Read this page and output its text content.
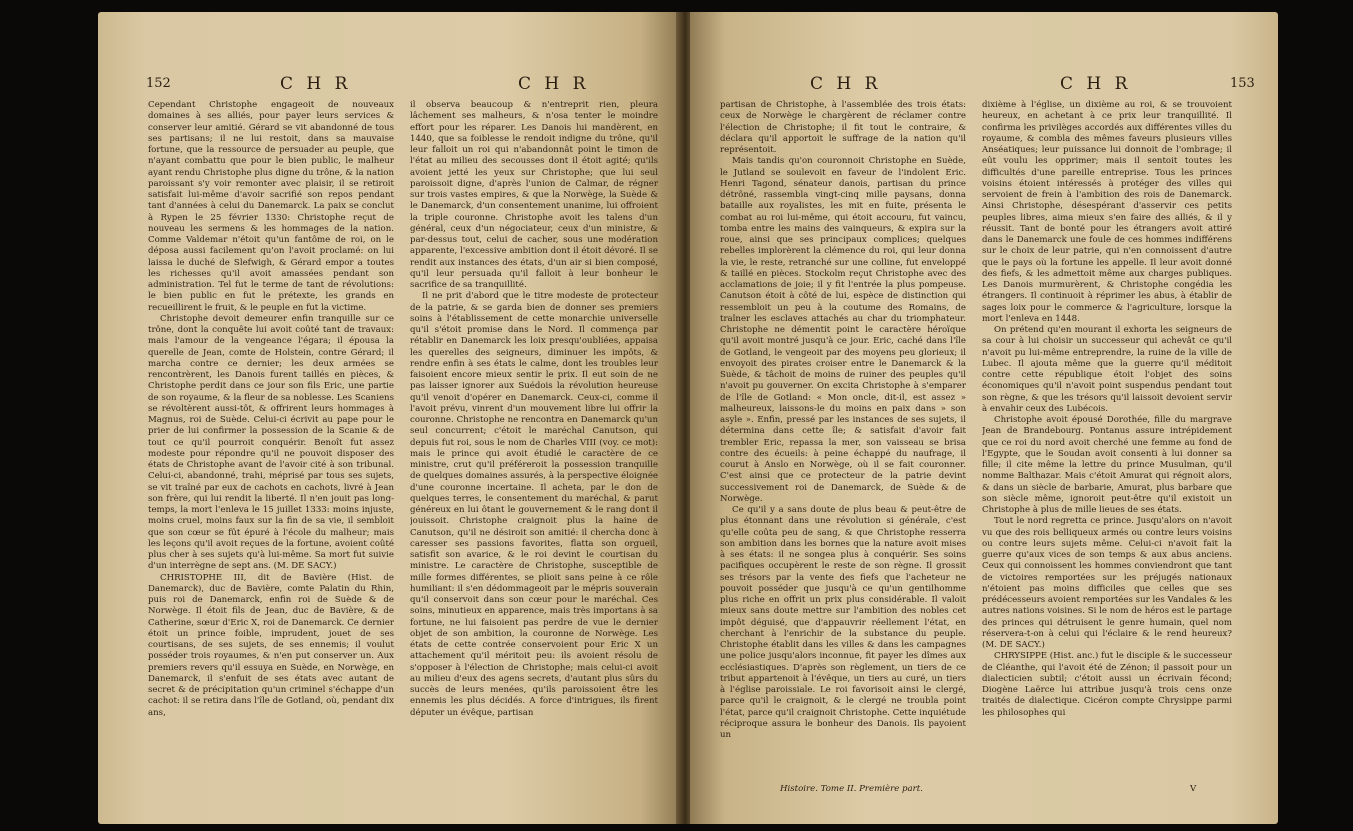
152	C H R	C H R

Cependant Christophe engageoit de nouveaux domaines à ses alliés, pour payer leurs services & conserver leur amitié. Gérard se vit abandonné de tous ses partisans; il ne lui restoit, dans sa mauvaise fortune, que la ressource de persuader au peuple, que n'ayant combattu que pour le bien public, le malheur ayant rendu Christophe plus digne du trône, & la nation paroissant s'y voir remonter avec plaisir, il se retiroit satisfait lui-même d'avoir sacrifié son repos pendant tant d'années à celui du Danemarck. La paix se conclut à Rypen le 25 février 1330: Christophe reçut de nouveau les sermens & les hommages de la nation. Comme Valdemar n'étoit qu'un fantôme de roi, on le déposa aussi facilement qu'on l'avoit proclamé: on lui laissa le duché de Slefwigh, & Gérard empor a toutes les richesses qu'il avoit amassées pendant son administration. Tel fut le terme de tant de révolutions: le bien public en fut le prétexte, les grands en recueillirent le fruit, & le peuple en fut la victime.

Christophe devoit demeurer enfin tranquille sur ce trône, dont la conquête lui avoit coûté tant de travaux: mais l'amour de la vengeance l'égara; il épousa la querelle de Jean, comte de Holstein, contre Gérard; il marcha contre ce dernier; les deux armées se rencontrèrent, les Danois furent taillés en pièces, & Christophe perdit dans ce jour son fils Eric, une partie de son royaume, & la fleur de sa noblesse. Les Scaniens se révoltèrent aussi-tôt, & offrirent leurs hommages à Magnus, roi de Suède. Celui-ci écrivit au pape pour le prier de lui confirmer la possession de la Scanie & de tout ce qu'il pourroit conquérir. Benoît fut assez modeste pour répondre qu'il ne pouvoit disposer des états de Christophe avant de l'avoir cité à son tribunal. Celui-ci, abandonné, trahi, méprisé par tous ses sujets, se vit traîné par eux de cachots en cachots, livré à Jean son frère, qui lui rendit la liberté. Il n'en jouit pas long-temps, la mort l'enleva le 15 juillet 1333: moins injuste, moins cruel, moins faux sur la fin de sa vie, il sembloit que son cœur se fût épuré à l'école du malheur; mais les leçons qu'il avoit reçues de la fortune, avoient coûté plus cher à ses sujets qu'à lui-même. Sa mort fut suivie d'un interrègne de sept ans. (M. DE SACY.)

CHRISTOPHE III, dit de Bavière (Hist. de Danemarck), duc de Bavière, comte Palatin du Rhin, puis roi de Danemarck, enfin roi de Suède & de Norwège. Il étoit fils de Jean, duc de Bavière, & de Catherine, sœur d'Eric X, roi de Danemarck. Ce dernier étoit un prince foible, imprudent, jouet de ses courtisans, de ses sujets, de ses ennemis; il voulut posséder trois royaumes, & n'en put conserver un. Aux premiers revers qu'il essuya en Suède, en Norwège, en Danemarck, il s'enfuit de ses états avec autant de secret & de précipitation qu'un criminel s'échappe d'un cachot: il se retira dans l'île de Gotland, où, pendant dix ans,

il observa beaucoup & n'entreprit rien, pleura lâchement ses malheurs, & n'osa tenter le moindre effort pour les réparer. Les Danois lui mandèrent, en 1440, que sa foiblesse le rendoit indigne du trône, qu'il leur falloit un roi qui n'abandonnât point le timon de l'état au milieu des secousses dont il étoit agité; qu'ils avoient jetté les yeux sur Christophe; que lui seul paroissoit digne, d'après l'union de Calmar, de régner sur trois vastes empires, & que la Norwège, la Suède & le Danemarck, d'un consentement unanime, lui offroient la triple couronne. Christophe avoit les talens d'un général, ceux d'un négociateur, ceux d'un ministre, & par-dessus tout, celui de cacher, sous une modération apparente, l'excessive ambition dont il étoit dévoré. Il se rendit aux instances des états, d'un air si bien composé, qu'il leur persuada qu'il falloit à leur bonheur le sacrifice de sa tranquillité.

Il ne prit d'abord que le titre modeste de protecteur de la patrie, & se garda bien de donner ses premiers soins à l'établissement de cette monarchie universelle qu'il s'étoit promise dans le Nord. Il commença par rétablir en Danemarck les loix presqu'oubliées, appaisa les querelles des seigneurs, diminuer les impôts, & rendre enfin à ses états le calme, dont les troubles leur faisoient encore mieux sentir le prix. Il eut soin de ne pas laisser ignorer aux Suédois la révolution heureuse qu'il venoit d'opérer en Danemarck. Ceux-ci, comme il l'avoit prévu, vinrent d'un mouvement libre lui offrir la couronne. Christophe ne rencontra en Danemarck qu'un seul concurrent; c'étoit le maréchal Canutson, qui depuis fut roi, sous le nom de Charles VIII (voy. ce mot): mais le prince qui avoit étudié le caractère de ce ministre, crut qu'il préféreroit la possession tranquille de quelques domaines assurés, à la perspective éloignée d'une couronne incertaine. Il acheta, par le don de quelques terres, le consentement du maréchal, & parut généreux en lui ôtant le gouvernement & le rang dont il jouissoit. Christophe craignoit plus la haine de Canutson, qu'il ne désiroit son amitié: il chercha donc à caresser ses passions favorites, flatta son orgueil, satisfit son avarice, & le roi devint le courtisan du ministre. Le caractère de Christophe, susceptible de mille formes différentes, se plioit sans peine à ce rôle humiliant: il s'en dédommageoit par le mépris souverain qu'il conservoit dans son cœur pour le maréchal. Ces soins, minutieux en apparence, mais très importans à sa fortune, ne lui faisoient pas perdre de vue le dernier objet de son ambition, la couronne de Norwège. Les états de cette contrée conservoient pour Eric X un attachement qu'il méritoit peu: ils avoient résolu de s'opposer à l'élection de Christophe; mais celui-ci avoit au milieu d'eux des agens secrets, d'autant plus sûrs du succès de leurs menées, qu'ils paroissoient être les ennemis les plus décidés. A force d'intrigues, ils firent députer un évêque, partisan

C H R	C H R	153

partisan de Christophe, à l'assemblée des trois états: ceux de Norwège le chargèrent de réclamer contre l'élection de Christophe; il fit tout le contraire, & déclara qu'il apportoit le suffrage de la nation qu'il représentoit.

Mais tandis qu'on couronnoit Christophe en Suède, le Jutland se soulevoit en faveur de l'indolent Eric. Henri Tagond, sénateur danois, partisan du prince détrôné, rassembla vingt-cinq mille paysans, donna bataille aux royalistes, les mit en fuite, présenta le combat au roi lui-même, qui étoit accouru, fut vaincu, tomba entre les mains des vainqueurs, & expira sur la roue, ainsi que ses principaux complices; quelques rebelles implorèrent la clémence du roi, qui leur donna la vie, le reste, retranché sur une colline, fut enveloppé & taillé en pièces. Stockolm reçut Christophe avec des acclamations de joie; il y fit l'entrée la plus pompeuse. Canutson étoit à côté de lui, espèce de distinction qui ressembloit un peu à la coutume des Romains, de traîner les esclaves attachés au char du triomphateur. Christophe ne démentit point le caractère héroïque qu'il avoit montré jusqu'à ce jour. Eric, caché dans l'île de Gotland, le vengeoit par des moyens peu glorieux; il envoyoit des pirates croiser entre le Danemarck & la Suède, & tâchoit de moins de ruiner des peuples qu'il n'avoit pu gouverner. On excita Christophe à s'emparer de l'île de Gotland: « Mon oncle, dit-il, est assez » malheureux, laissons-le du moins en paix dans » son asyle ». Enfin, pressé par les instances de ses sujets, il détermina dans cette île; & satisfait d'avoir fait trembler Eric, repassa la mer, son vaisseau se brisa contre des écueils: à peine échappé du naufrage, il courut à Anslo en Norwège, où il se fait couronner. C'est ainsi que ce protecteur de la patrie devint successivement roi de Danemarck, de Suède & de Norwège.

Ce qu'il y a sans doute de plus beau & peut-être de plus étonnant dans une révolution si générale, c'est qu'elle coûta peu de sang, & que Christophe resserra son ambition dans les bornes que la nature avoit mises à ses états: il ne songea plus à conquérir. Ses soins pacifiques occupèrent le reste de son règne. Il grossit ses trésors par la vente des fiefs que l'acheteur ne pouvoit posséder que jusqu'à ce qu'un gentilhomme plus riche en offrit un prix plus considérable. Il valoit mieux sans doute mettre sur l'ambition des nobles cet impôt déguisé, que d'appauvrir réellement l'état, en cherchant à l'enrichir de la substance du peuple. Christophe établit dans les villes & dans les campagnes une police jusqu'alors inconnue, fit payer les dîmes aux ecclésiastiques. D'après son règlement, un tiers de ce tribut appartenoit à l'évêque, un tiers au curé, un tiers à l'église paroissiale. Le roi favorisoit ainsi le clergé, parce qu'il le craignoit, & le clergé ne troubla point l'état, parce qu'il craignoit Christophe. Cette inquiétude réciproque assura le bonheur des Danois. Ils payoient un

dixième à l'église, un dixième au roi, & se trouvoient heureux, en achetant à ce prix leur tranquillité. Il confirma les privilèges accordés aux différentes villes du royaume, & combla des mêmes faveurs plusieurs villes Anséatiques; leur puissance lui donnoit de l'ombrage; il eût voulu les opprimer; mais il sentoit toutes les difficultés d'une pareille entreprise. Tous les princes voisins étoient intéressés à protéger des villes qui servoient de frein à l'ambition des rois de Danemarck. Ainsi Christophe, désespérant d'asservir ces petits peuples libres, aima mieux s'en faire des alliés, & il y réussit. Tant de bonté pour les étrangers avoit attiré dans le Danemarck une foule de ces hommes indifférens sur le choix de leur patrie, qui n'en connoissent d'autre que le pays où la fortune les appelle. Il leur avoit donné des fiefs, & les admettoit même aux charges publiques. Les Danois murmurèrent, & Christophe congédia les étrangers. Il continuoit à réprimer les abus, à établir de sages loix pour le commerce & l'agriculture, lorsque la mort l'enleva en 1448.

On prétend qu'en mourant il exhorta les seigneurs de sa cour à lui choisir un successeur qui achevât ce qu'il n'avoit pu lui-même entreprendre, la ruine de la ville de Lubec. Il ajouta même que la guerre qu'il méditoit contre cette république étoit l'objet des soins économiques qu'il n'avoit point suspendus pendant tout son règne, & que les trésors qu'il laissoit devoient servir à envahir ceux des Lubécois.

Christophe avoit épousé Dorothée, fille du margrave Jean de Brandebourg. Pontanus assure intrépidement que ce roi du nord avoit cherché une femme au fond de l'Egypte, que le Soudan avoit consenti à lui donner sa fille; il cite même la lettre du prince Musulman, qu'il nomme Balthazar. Mais c'étoit Amurat qui régnoit alors, & dans un siècle de barbarie, Amurat, plus barbare que son siècle même, ignoroit peut-être qu'il existoit un Christophe à plus de mille lieues de ses états.

Tout le nord regretta ce prince. Jusqu'alors on n'avoit vu que des rois belliqueux armés ou contre leurs voisins ou contre leurs sujets même. Celui-ci n'avoit fait la guerre qu'aux vices de son temps & aux abus anciens. Ceux qui connoissent les hommes conviendront que tant de victoires remportées sur les préjugés nationaux n'étoient pas moins difficiles que celles que ses prédécesseurs avoient remportées sur les Vandales & les autres nations voisines. Si le nom de héros est le partage des princes qui détruisent le genre humain, quel nom réservera-t-on à celui qui l'éclaire & le rend heureux? (M. DE SACY.)

CHRYSIPPE (Hist. anc.) fut le disciple & le successeur de Cléanthe, qui l'avoit été de Zénon; il passoit pour un dialecticien subtil; c'étoit aussi un écrivain fécond; Diogène Laërce lui attribue jusqu'à trois cens onze traités de dialectique. Cicéron compte Chrysippe parmi les philosophes qui

Histoire. Tome II. Première part.	V
